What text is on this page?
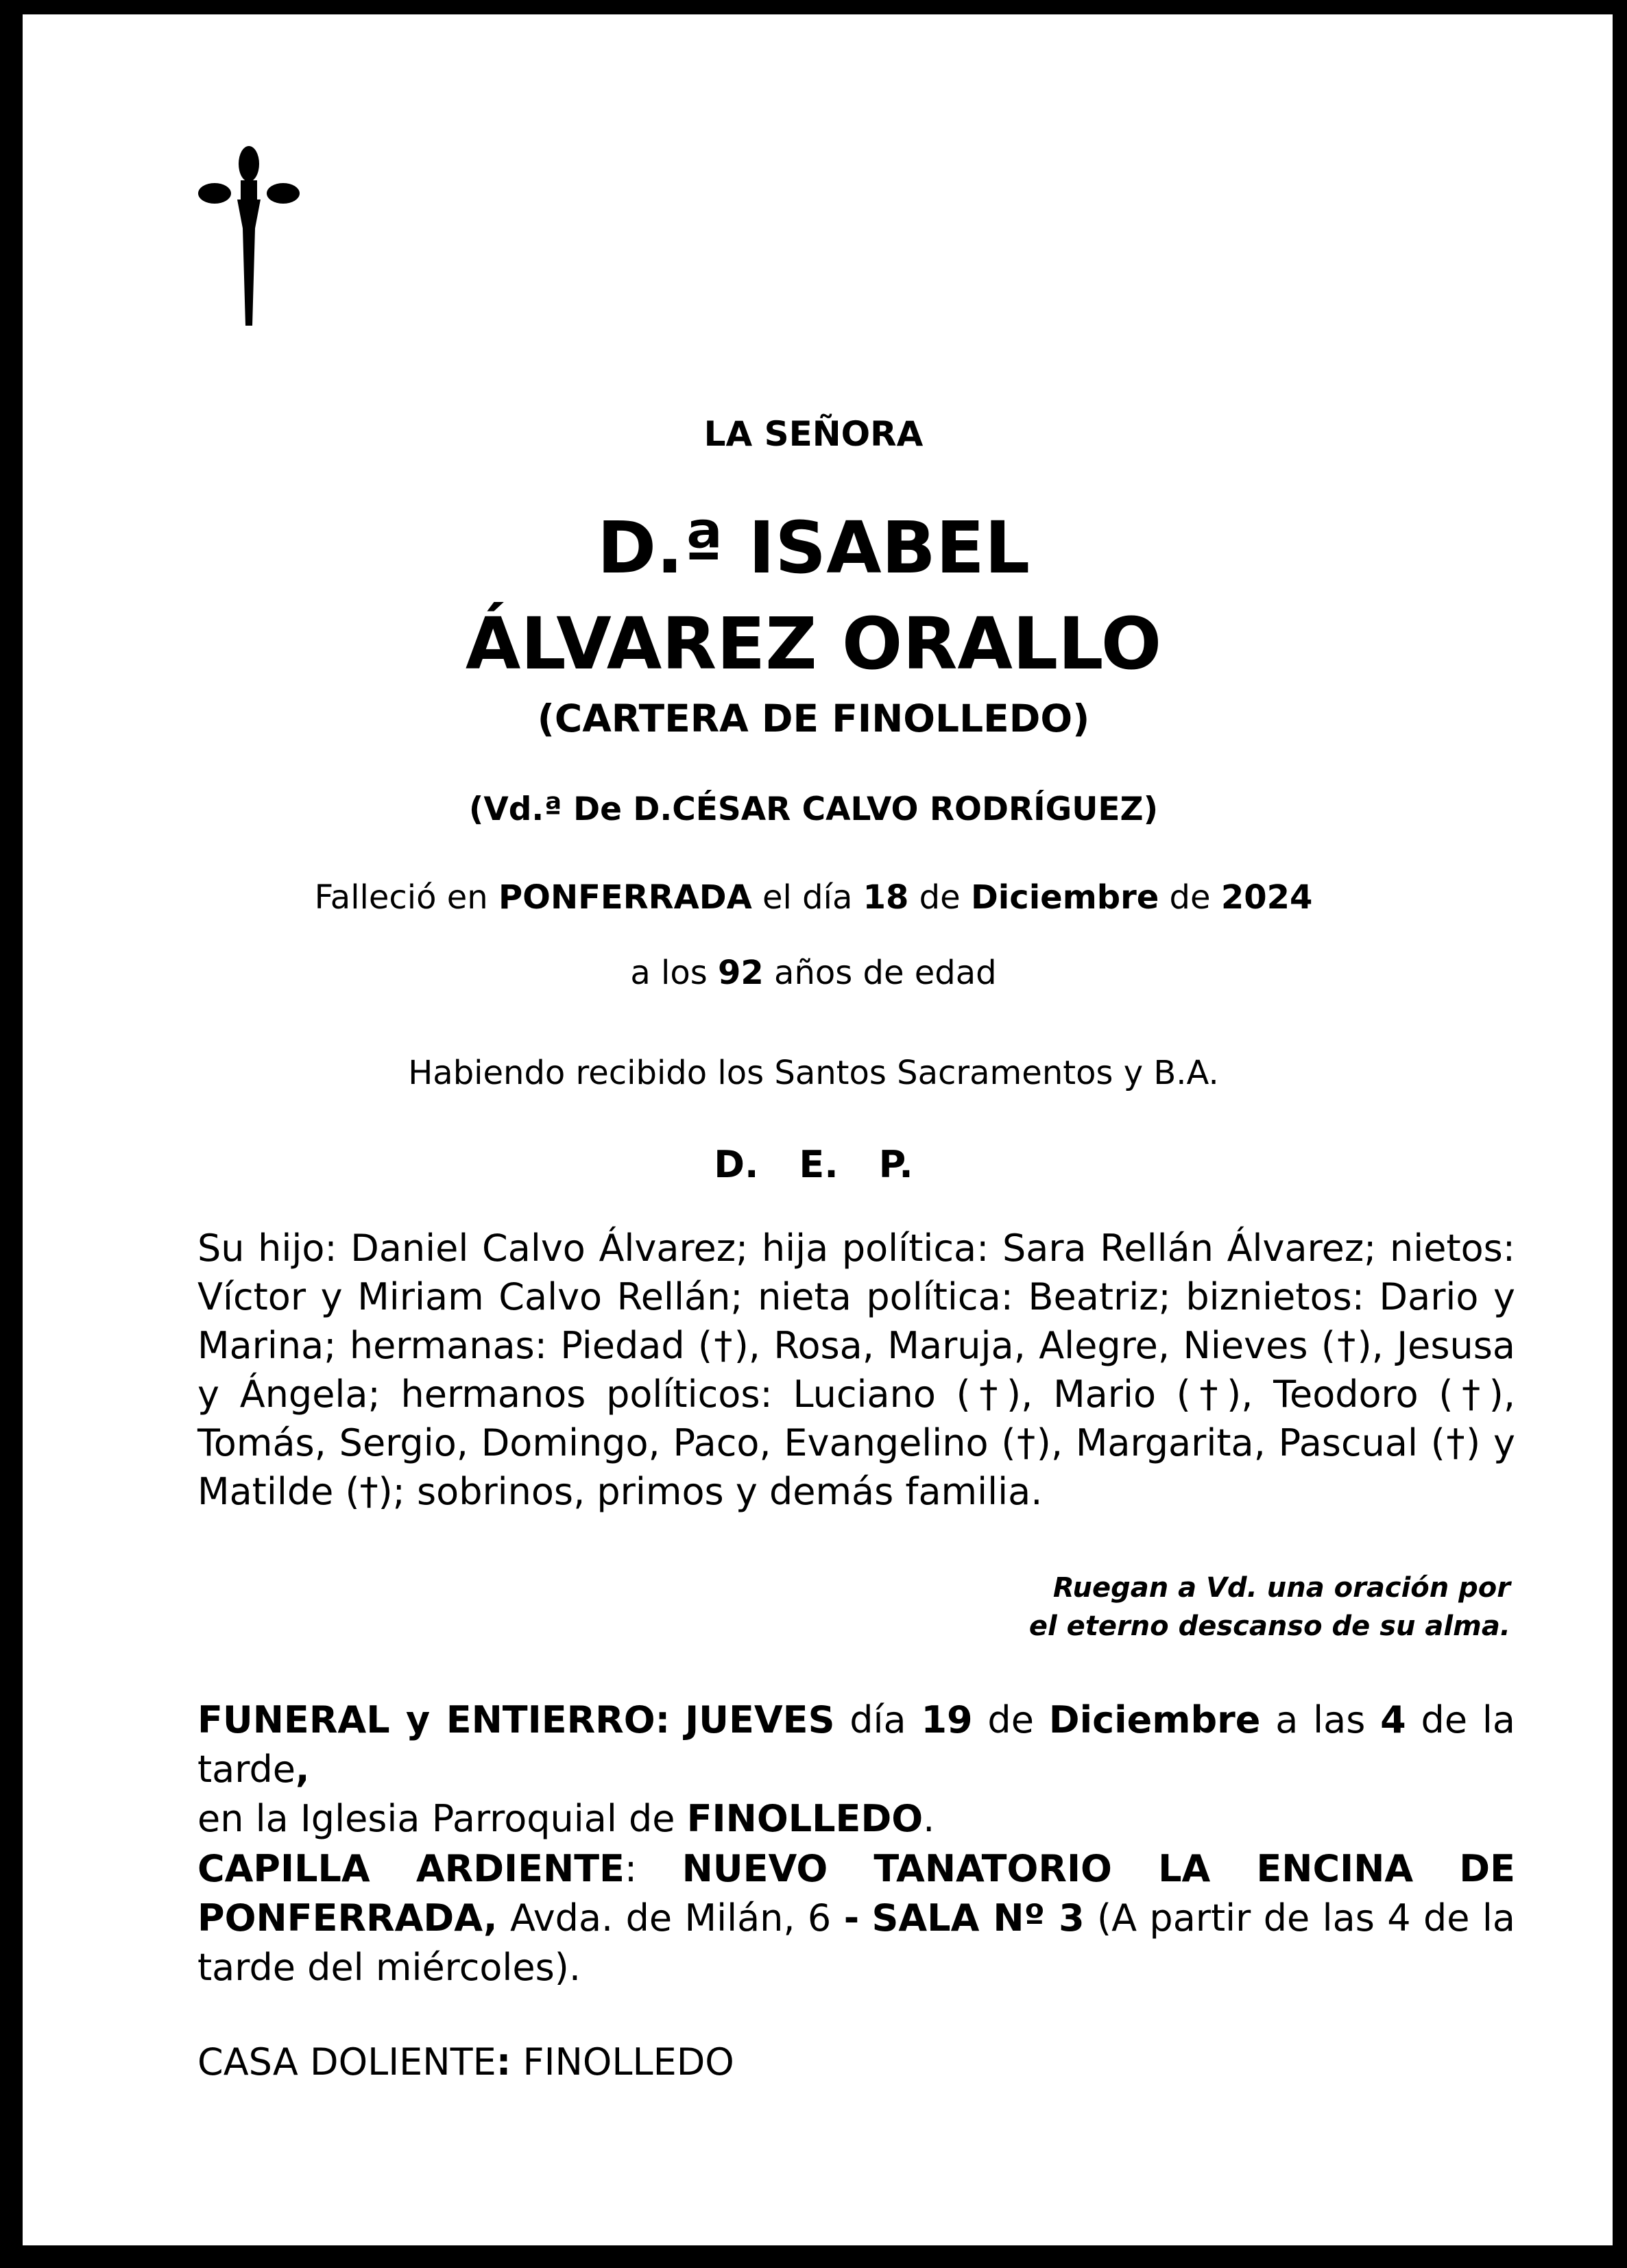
LA SEÑORA
D.ª ISABEL
ÁLVAREZ ORALLO
(CARTERA DE FINOLLEDO)
(Vd.ª De D.CÉSAR CALVO RODRÍGUEZ)
Falleció en PONFERRADA el día 18 de Diciembre de 2024
a los 92 años de edad
Habiendo recibido los Santos Sacramentos y B.A.
D. E. P.
Su hijo: Daniel Calvo Álvarez; hija política: Sara Rellán Álvarez; nietos: Víctor y Miriam Calvo Rellán; nieta política: Beatriz; biznietos: Dario y Marina; hermanas: Piedad (†), Rosa, Maruja, Alegre, Nieves (†), Jesusa y Ángela; hermanos políticos: Luciano (†), Mario (†), Teodoro (†), Tomás, Sergio, Domingo, Paco, Evangelino (†), Margarita, Pascual (†) y Matilde (†); sobrinos, primos y demás familia.
Ruegan a Vd. una oración por
el eterno descanso de su alma.
FUNERAL y ENTIERRO: JUEVES día 19 de Diciembre a las 4 de la tarde,
en la Iglesia Parroquial de FINOLLEDO.
CAPILLA ARDIENTE: NUEVO TANATORIO LA ENCINA DE PONFERRADA, Avda. de Milán, 6 - SALA Nº 3 (A partir de las 4 de la tarde del miércoles).
CASA DOLIENTE: FINOLLEDO
